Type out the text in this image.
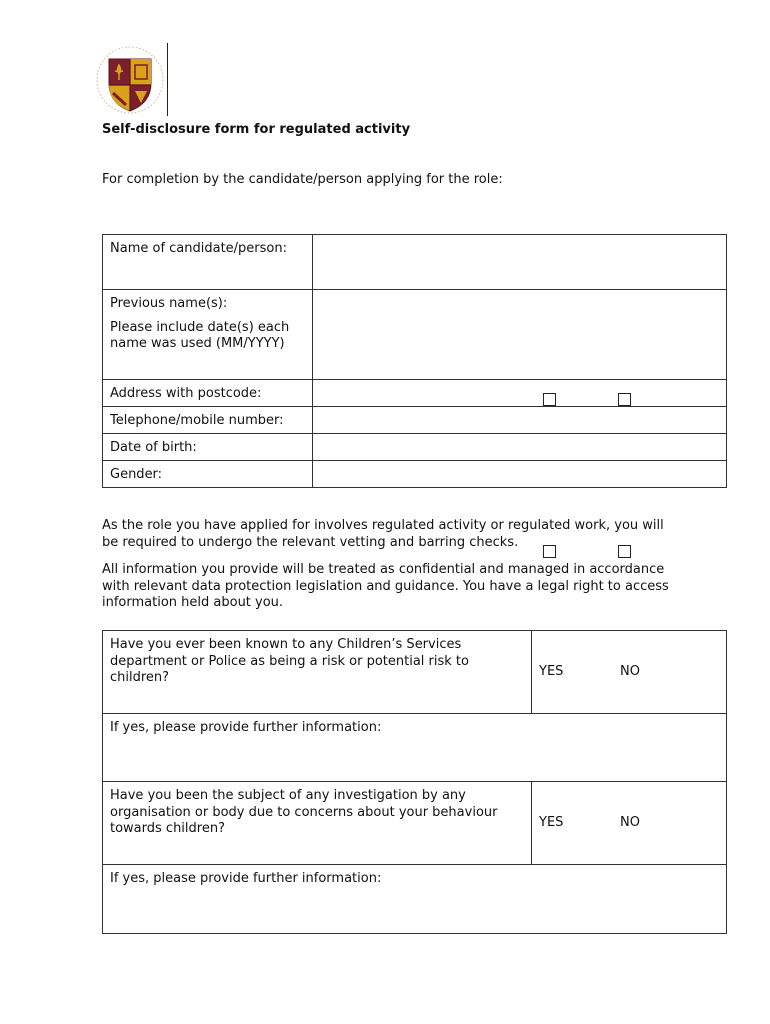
Self-disclosure form for regulated activity
For completion by the candidate/person applying for the role:
Name of candidate/person:	

Previous name(s):

Please include date(s) each name was used (MM/YYYY)	

Address with postcode:	
Telephone/mobile number:	
Date of birth:	
Gender:	
As the role you have applied for involves regulated activity or regulated work, you will be required to undergo the relevant vetting and barring checks.
All information you provide will be treated as confidential and managed in accordance with relevant data protection legislation and guidance. You have a legal right to access information held about you.
Have you ever been known to any Children’s Services department or Police as being a risk or potential risk to children?	YES NO

If yes, please provide further information:	
Have you been the subject of any investigation by any organisation or body due to concerns about your behaviour towards children?	YES NO

If yes, please provide further information:	
